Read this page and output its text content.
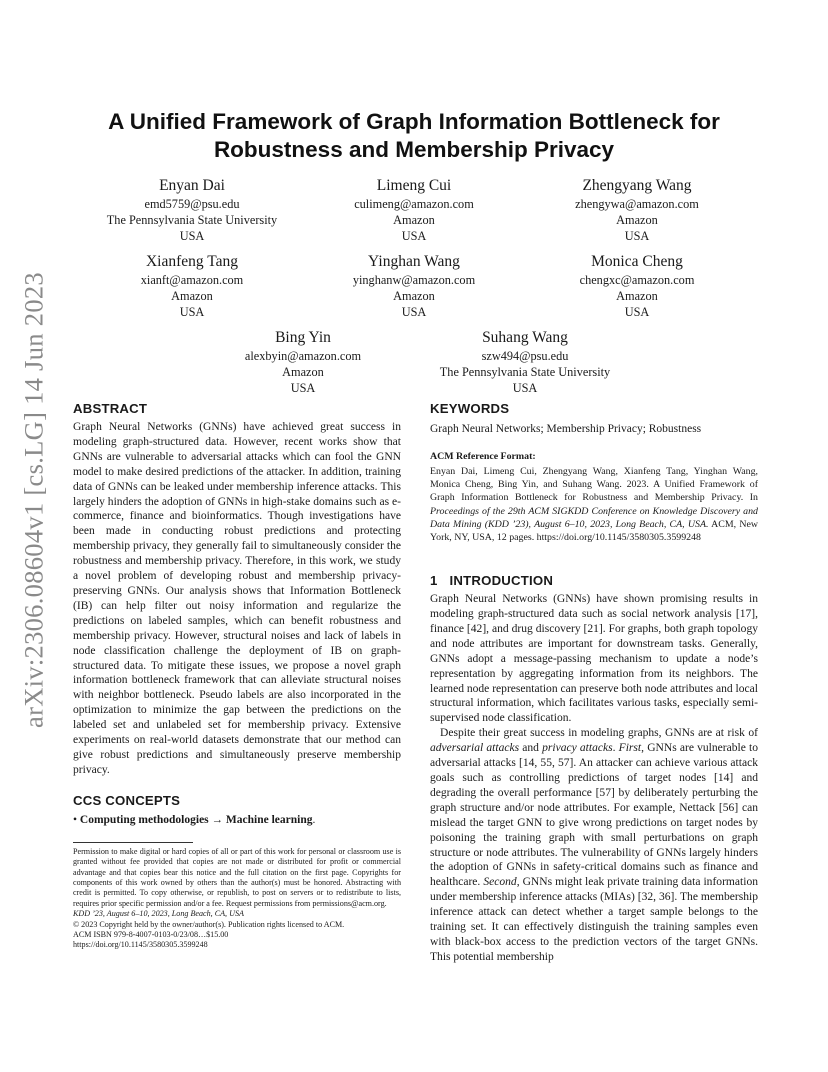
arXiv:2306.08604v1 [cs.LG] 14 Jun 2023
A Unified Framework of Graph Information Bottleneck for Robustness and Membership Privacy
Enyan Dai
emd5759@psu.edu
The Pennsylvania State University
USA
Limeng Cui
culimeng@amazon.com
Amazon
USA
Zhengyang Wang
zhengywa@amazon.com
Amazon
USA
Xianfeng Tang
xianft@amazon.com
Amazon
USA
Yinghan Wang
yinghanw@amazon.com
Amazon
USA
Monica Cheng
chengxc@amazon.com
Amazon
USA
Bing Yin
alexbyin@amazon.com
Amazon
USA
Suhang Wang
szw494@psu.edu
The Pennsylvania State University
USA
ABSTRACT
Graph Neural Networks (GNNs) have achieved great success in modeling graph-structured data. However, recent works show that GNNs are vulnerable to adversarial attacks which can fool the GNN model to make desired predictions of the attacker. In addition, training data of GNNs can be leaked under membership inference attacks. This largely hinders the adoption of GNNs in high-stake domains such as e-commerce, finance and bioinformatics. Though investigations have been made in conducting robust predictions and protecting membership privacy, they generally fail to simultaneously consider the robustness and membership privacy. Therefore, in this work, we study a novel problem of developing robust and membership privacy-preserving GNNs. Our analysis shows that Information Bottleneck (IB) can help filter out noisy information and regularize the predictions on labeled samples, which can benefit robustness and membership privacy. However, structural noises and lack of labels in node classification challenge the deployment of IB on graph-structured data. To mitigate these issues, we propose a novel graph information bottleneck framework that can alleviate structural noises with neighbor bottleneck. Pseudo labels are also incorporated in the optimization to minimize the gap between the predictions on the labeled set and unlabeled set for membership privacy. Extensive experiments on real-world datasets demonstrate that our method can give robust predictions and simultaneously preserve membership privacy.
CCS CONCEPTS
• Computing methodologies → Machine learning.

Permission to make digital or hard copies of all or part of this work for personal or classroom use is granted without fee provided that copies are not made or distributed for profit or commercial advantage and that copies bear this notice and the full citation on the first page. Copyrights for components of this work owned by others than the author(s) must be honored. Abstracting with credit is permitted. To copy otherwise, or republish, to post on servers or to redistribute to lists, requires prior specific permission and/or a fee. Request permissions from permissions@acm.org.

KDD ’23, August 6–10, 2023, Long Beach, CA, USA

© 2023 Copyright held by the owner/author(s). Publication rights licensed to ACM.

ACM ISBN 979-8-4007-0103-0/23/08…$15.00

https://doi.org/10.1145/3580305.3599248

KEYWORDS
Graph Neural Networks; Membership Privacy; Robustness
ACM Reference Format:
Enyan Dai, Limeng Cui, Zhengyang Wang, Xianfeng Tang, Yinghan Wang, Monica Cheng, Bing Yin, and Suhang Wang. 2023. A Unified Framework of Graph Information Bottleneck for Robustness and Membership Privacy. In Proceedings of the 29th ACM SIGKDD Conference on Knowledge Discovery and Data Mining (KDD ’23), August 6–10, 2023, Long Beach, CA, USA. ACM, New York, NY, USA, 12 pages. https://doi.org/10.1145/3580305.3599248
1 INTRODUCTION

Graph Neural Networks (GNNs) have shown promising results in modeling graph-structured data such as social network analysis [17], finance [42], and drug discovery [21]. For graphs, both graph topology and node attributes are important for downstream tasks. Generally, GNNs adopt a message-passing mechanism to update a node’s representation by aggregating information from its neighbors. The learned node representation can preserve both node attributes and local structural information, which facilitates various tasks, especially semi-supervised node classification.

Despite their great success in modeling graphs, GNNs are at risk of adversarial attacks and privacy attacks. First, GNNs are vulnerable to adversarial attacks [14, 55, 57]. An attacker can achieve various attack goals such as controlling predictions of target nodes [14] and degrading the overall performance [57] by deliberately perturbing the graph structure and/or node attributes. For example, Nettack [56] can mislead the target GNN to give wrong predictions on target nodes by poisoning the training graph with small perturbations on graph structure or node attributes. The vulnerability of GNNs largely hinders the adoption of GNNs in safety-critical domains such as finance and healthcare. Second, GNNs might leak private training data information under membership inference attacks (MIAs) [32, 36]. The membership inference attack can detect whether a target sample belongs to the training set. It can effectively distinguish the training samples even with black-box access to the prediction vectors of the target GNNs. This potential membership
